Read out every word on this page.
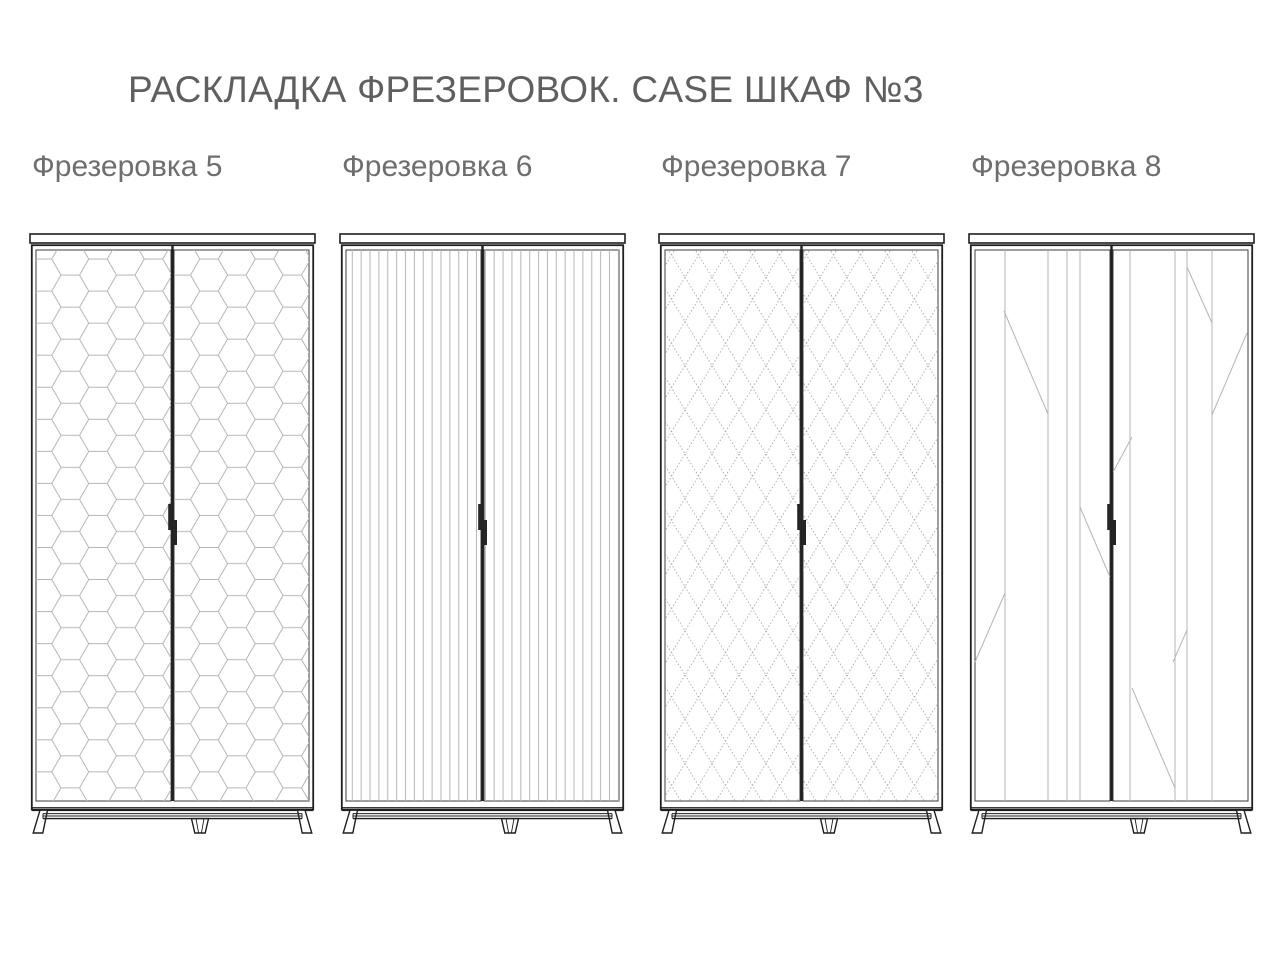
РАСКЛАДКА ФРЕЗЕРОВОК. CASE ШКАФ №3
Фрезеровка 5	Фрезеровка 6	Фрезеровка 7	Фрезеровка 8
